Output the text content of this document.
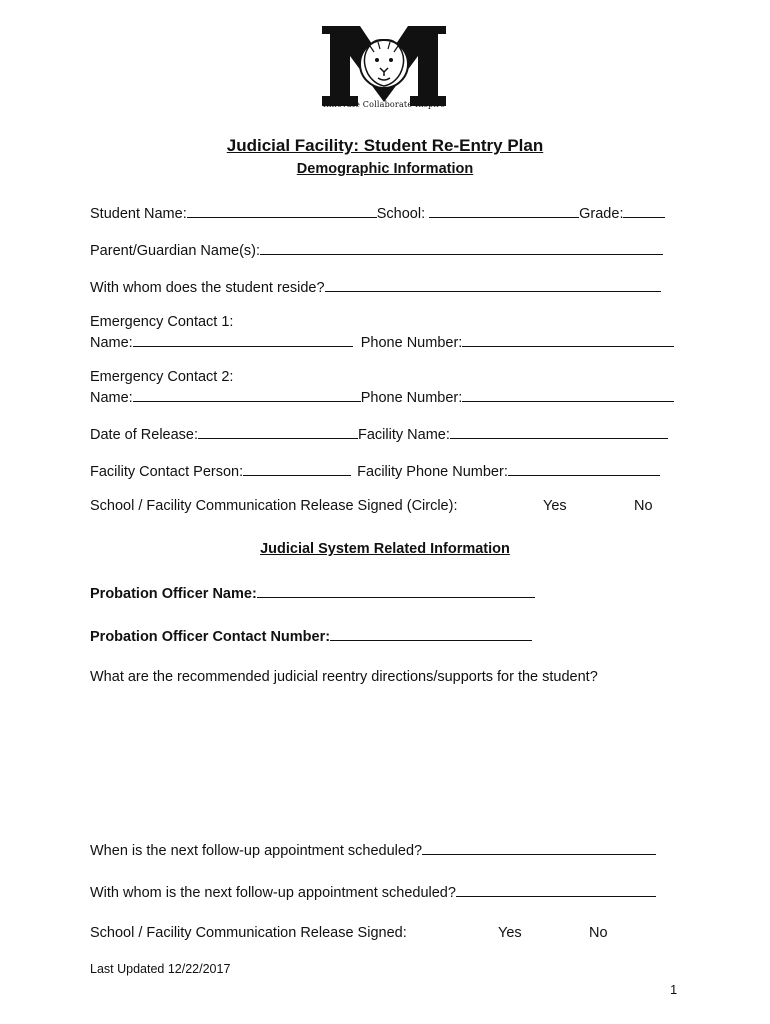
Innovate Collaborate Inspire
Judicial Facility: Student Re-Entry Plan
Demographic Information
Student Name:	School:	Grade:
Parent/Guardian Name(s):
With whom does the student reside?
Emergency Contact 1:
Name:	Phone Number:
Emergency Contact 2:
Name:	Phone Number:
Date of Release:	Facility Name:
Facility Contact Person:	Facility Phone Number:
School / Facility Communication Release Signed (Circle):	Yes	No
Judicial System Related Information
Probation Officer Name:
Probation Officer Contact Number:
What are the recommended judicial reentry directions/supports for the student?
When is the next follow-up appointment scheduled?
With whom is the next follow-up appointment scheduled?
School / Facility Communication Release Signed:	Yes	No
Last Updated 12/22/2017
1
